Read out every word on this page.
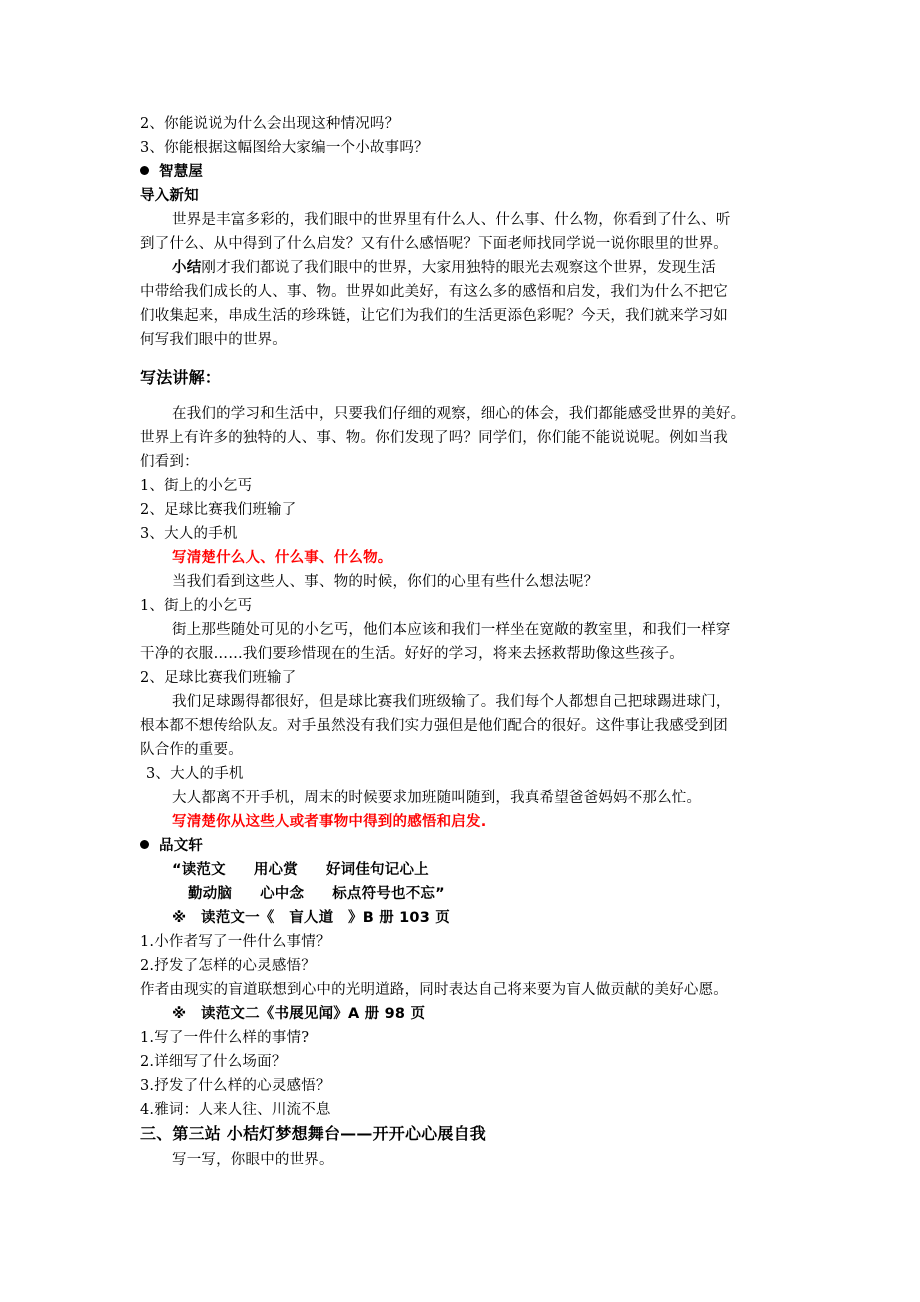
2、你能说说为什么会出现这种情况吗？
3、你能根据这幅图给大家编一个小故事吗？
智慧屋
导入新知
世界是丰富多彩的，我们眼中的世界里有什么人、什么事、什么物，你看到了什么、听
到了什么、从中得到了什么启发？又有什么感悟呢？下面老师找同学说一说你眼里的世界。
小结刚才我们都说了我们眼中的世界，大家用独特的眼光去观察这个世界，发现生活
中带给我们成长的人、事、物。世界如此美好，有这么多的感悟和启发，我们为什么不把它
们收集起来，串成生活的珍珠链，让它们为我们的生活更添色彩呢？今天，我们就来学习如
何写我们眼中的世界。
写法讲解：
在我们的学习和生活中，只要我们仔细的观察，细心的体会，我们都能感受世界的美好。
世界上有许多的独特的人、事、物。你们发现了吗？同学们，你们能不能说说呢。例如当我
们看到：
1、街上的小乞丐
2、足球比赛我们班输了
3、大人的手机
写清楚什么人、什么事、什么物。
当我们看到这些人、事、物的时候，你们的心里有些什么想法呢？
1、街上的小乞丐
街上那些随处可见的小乞丐，他们本应该和我们一样坐在宽敞的教室里，和我们一样穿
干净的衣服……我们要珍惜现在的生活。好好的学习，将来去拯救帮助像这些孩子。
2、足球比赛我们班输了
我们足球踢得都很好，但是球比赛我们班级输了。我们每个人都想自己把球踢进球门，
根本都不想传给队友。对手虽然没有我们实力强但是他们配合的很好。这件事让我感受到团
队合作的重要。
3、大人的手机
大人都离不开手机，周末的时候要求加班随叫随到，我真希望爸爸妈妈不那么忙。
写清楚你从这些人或者事物中得到的感悟和启发.
品文轩
“读范文 用心赏 好词佳句记心上
勤动脑 心中念 标点符号也不忘”
※　读范文一《　盲人道　》B 册 103 页
1.小作者写了一件什么事情？
2.抒发了怎样的心灵感悟？
作者由现实的盲道联想到心中的光明道路，同时表达自己将来要为盲人做贡献的美好心愿。
※　读范文二《书展见闻》A 册 98 页
1.写了一件什么样的事情?
2.详细写了什么场面？
3.抒发了什么样的心灵感悟？
4.雅词：人来人往、川流不息
三、第三站 小桔灯梦想舞台——开开心心展自我
写一写，你眼中的世界。
